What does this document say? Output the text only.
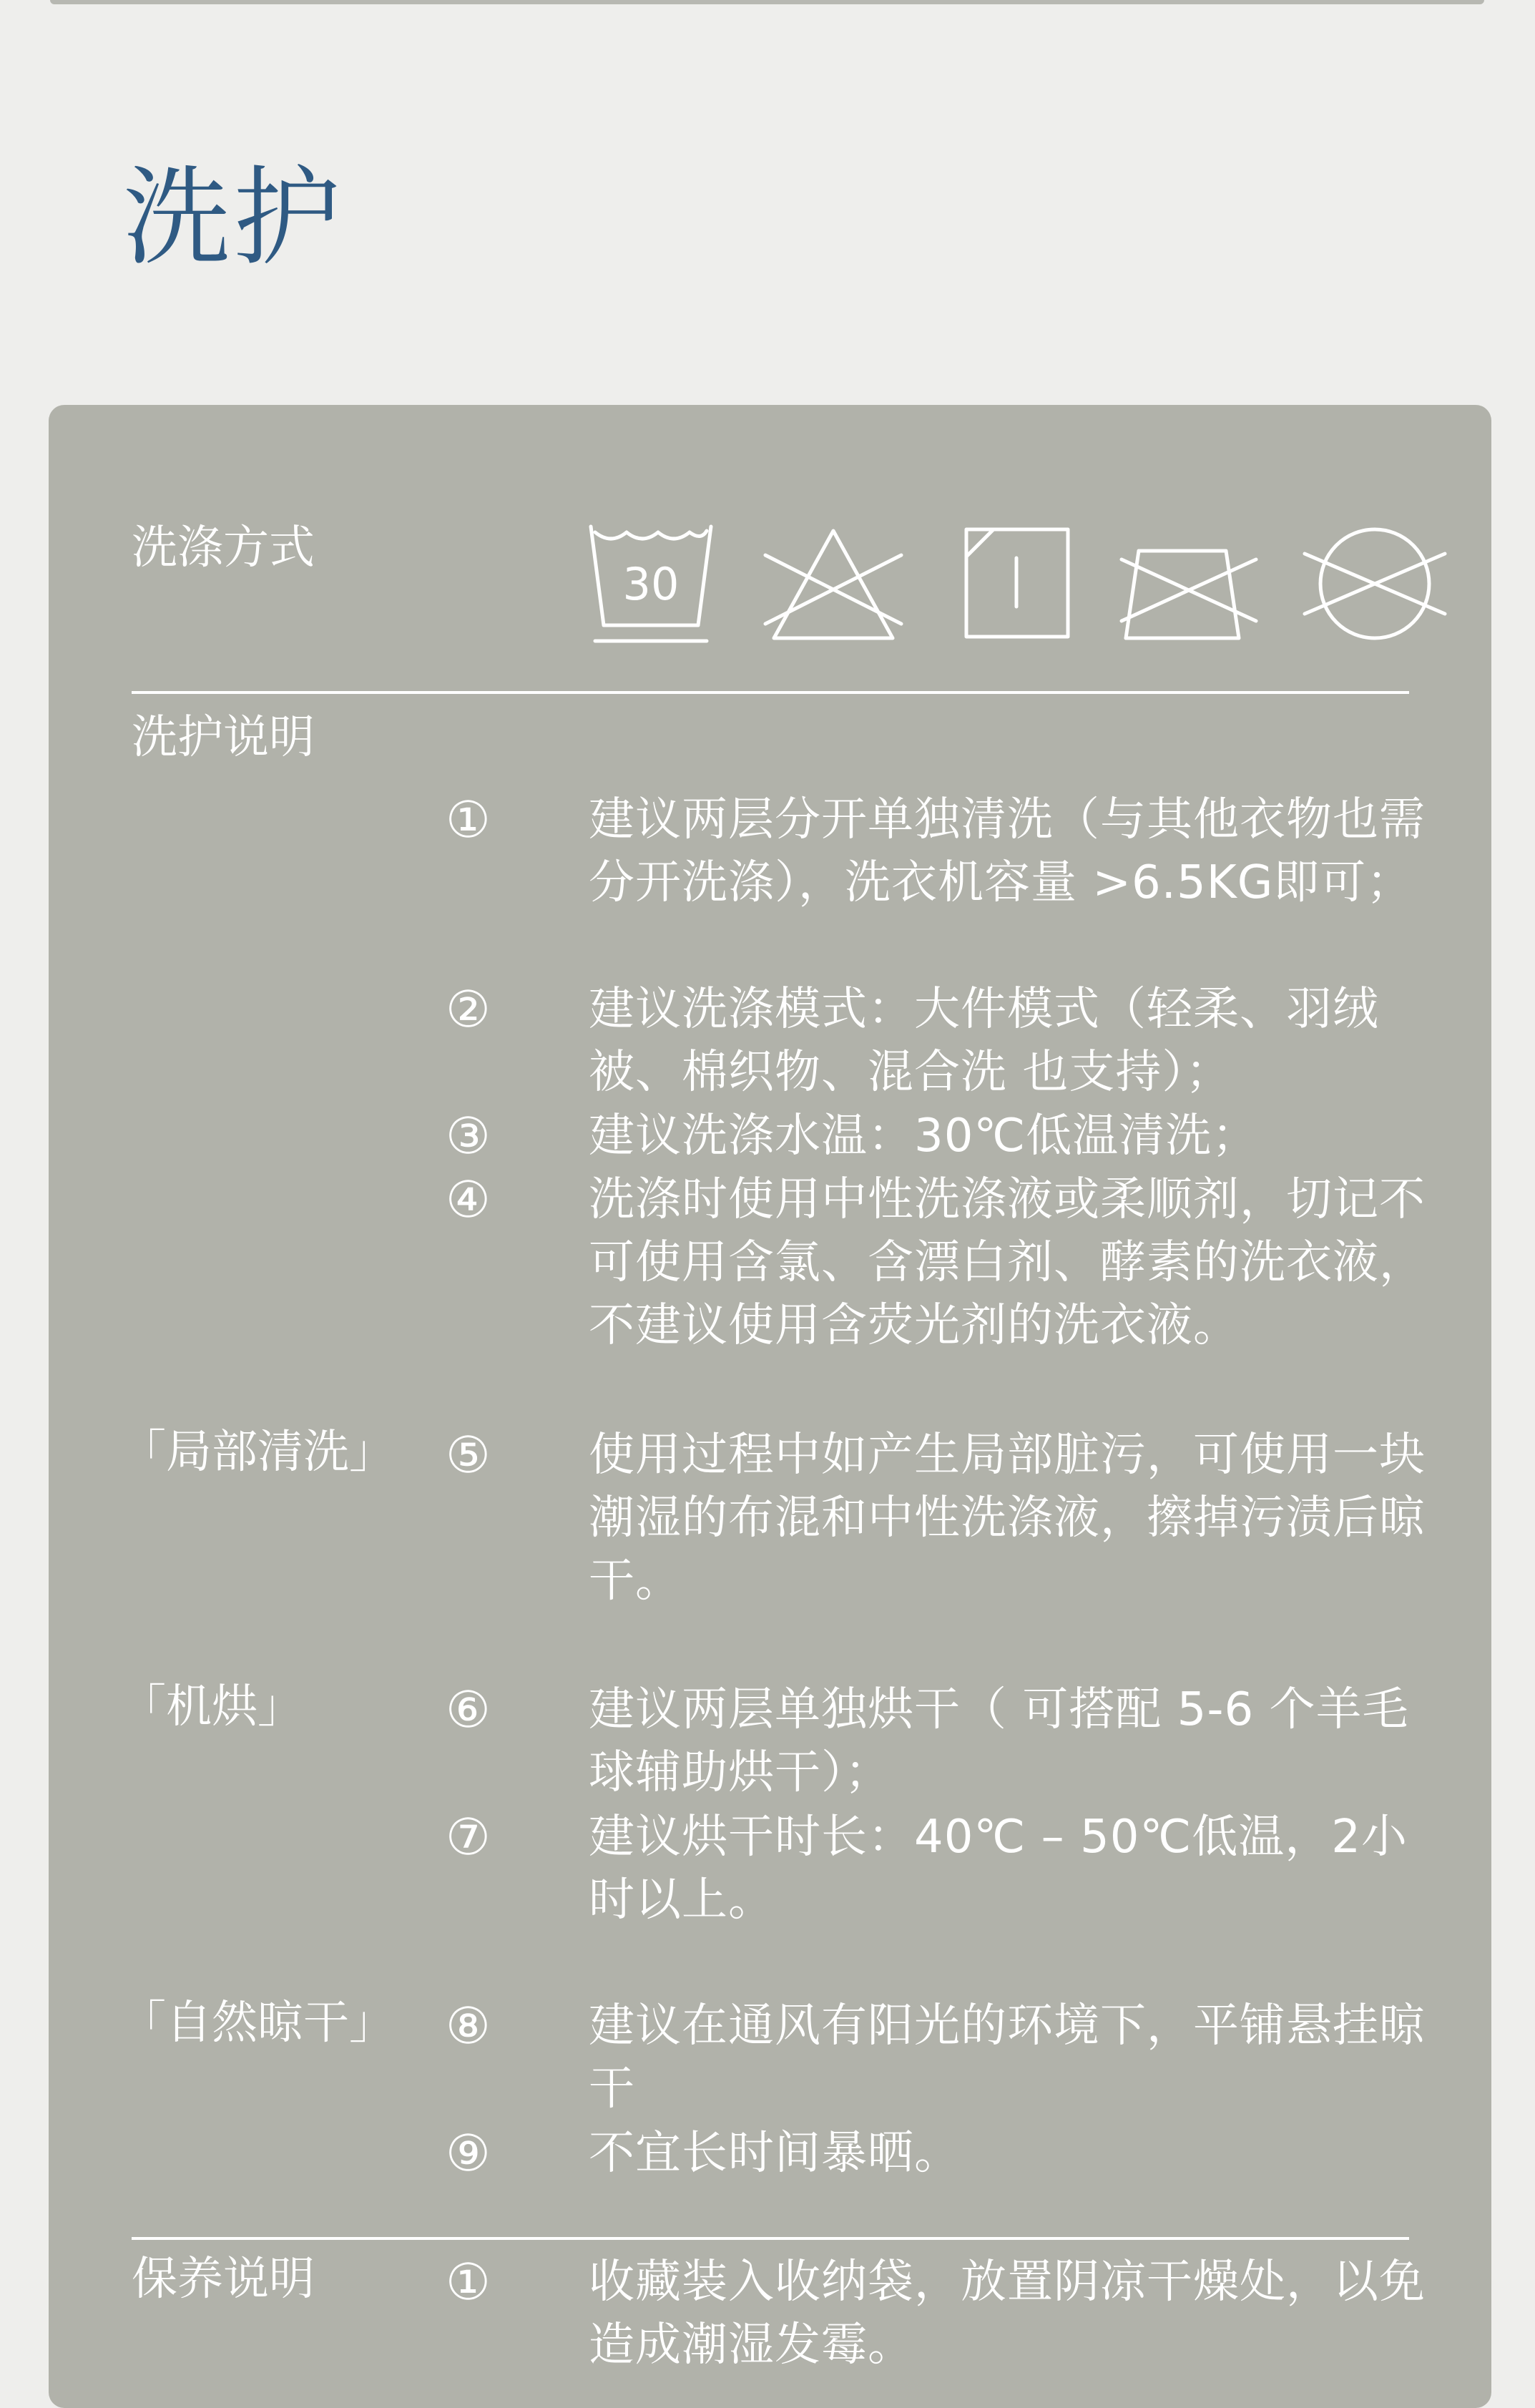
洗护
洗涤方式
30
洗护说明
① 建议两层分开单独清洗（与其他衣物也需分开洗涤），洗衣机容量 >6.5KG即可；
② 建议洗涤模式：大件模式（轻柔、羽绒被、棉织物、混合洗 也支持）；
③ 建议洗涤水温：30℃低温清洗；
④ 洗涤时使用中性洗涤液或柔顺剂，切记不可使用含氯、含漂白剂、酵素的洗衣液，不建议使用含荧光剂的洗衣液。
「局部清洗」 ⑤ 使用过程中如产生局部脏污，可使用一块潮湿的布混和中性洗涤液，擦掉污渍后晾干。
「机烘」	⑥ 建议两层单独烘干（ 可搭配 5-6 个羊毛球辅助烘干）；
⑦ 建议烘干时长：40℃ – 50℃低温，2小时以上。
「自然晾干」 ⑧ 建议在通风有阳光的环境下，平铺悬挂晾干
⑨ 不宜长时间暴晒。
保养说明	① 收藏装入收纳袋，放置阴凉干燥处，以免造成潮湿发霉。
